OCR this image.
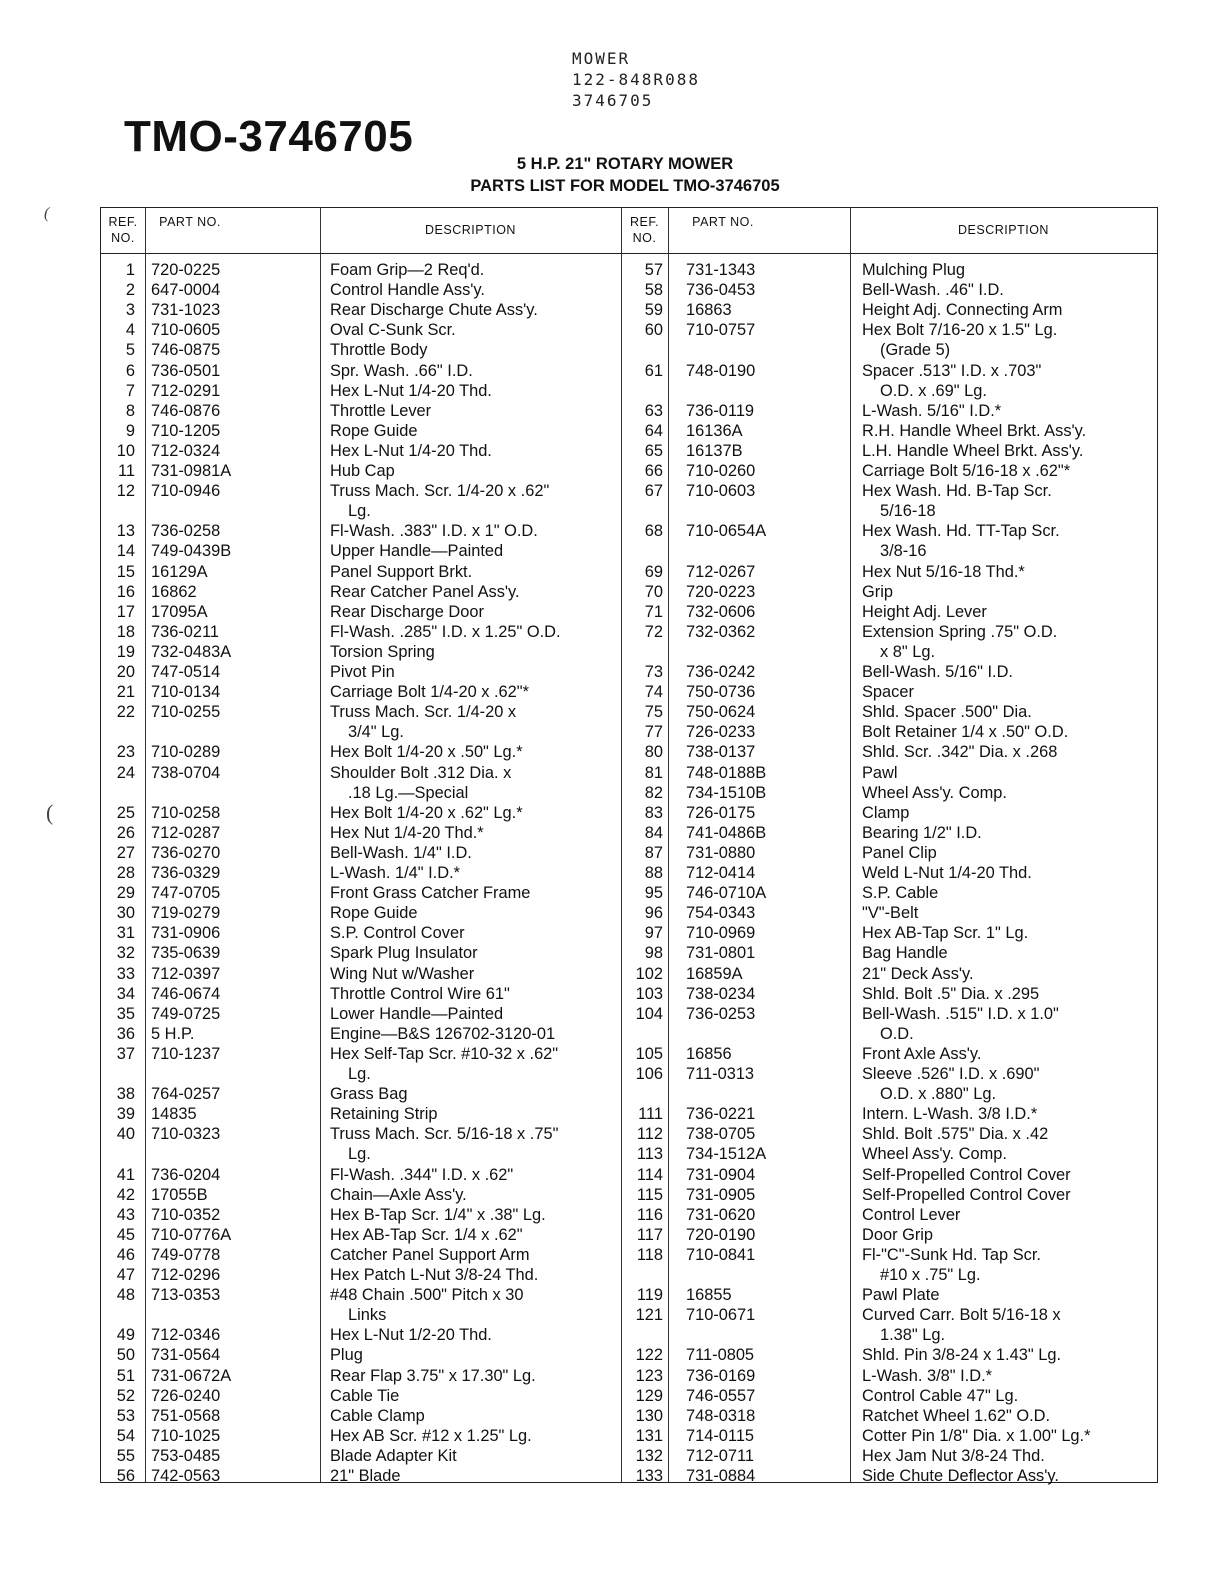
MOWER
122-848R088
3746705
TMO-3746705
5 H.P. 21" ROTARY MOWER
PARTS LIST FOR MODEL TMO-3746705
(
(
REF. NO.
PART NO.
DESCRIPTION
REF. NO.
PART NO.
DESCRIPTION
1 720-0225	Foam Grip—2 Req'd.
2 647-0004	Control Handle Ass'y.
3 731-1023	Rear Discharge Chute Ass'y.
4 710-0605	Oval C-Sunk Scr.
5 746-0875	Throttle Body
6 736-0501	Spr. Wash. .66" I.D.
7 712-0291	Hex L-Nut 1/4-20 Thd.
8 746-0876	Throttle Lever
9 710-1205	Rope Guide
10 712-0324	Hex L-Nut 1/4-20 Thd.
11 731-0981A	Hub Cap
12 710-0946	Truss Mach. Scr. 1/4-20 x .62"
Lg.
13 736-0258	Fl-Wash. .383" I.D. x 1" O.D.
14 749-0439B	Upper Handle—Painted
15 16129A	Panel Support Brkt.
16 16862	Rear Catcher Panel Ass'y.
17 17095A	Rear Discharge Door
18 736-0211	Fl-Wash. .285" I.D. x 1.25" O.D.
19 732-0483A	Torsion Spring
20 747-0514	Pivot Pin
21 710-0134	Carriage Bolt 1/4-20 x .62"*
22 710-0255	Truss Mach. Scr. 1/4-20 x
3/4" Lg.
23 710-0289	Hex Bolt 1/4-20 x .50" Lg.*
24 738-0704	Shoulder Bolt .312 Dia. x
.18 Lg.—Special
25 710-0258	Hex Bolt 1/4-20 x .62" Lg.*
26 712-0287	Hex Nut 1/4-20 Thd.*
27 736-0270	Bell-Wash. 1/4" I.D.
28 736-0329	L-Wash. 1/4" I.D.*
29 747-0705	Front Grass Catcher Frame
30 719-0279	Rope Guide
31 731-0906	S.P. Control Cover
32 735-0639	Spark Plug Insulator
33 712-0397	Wing Nut w/Washer
34 746-0674	Throttle Control Wire 61"
35 749-0725	Lower Handle—Painted
36 5 H.P.	Engine—B&S 126702-3120-01
37 710-1237	Hex Self-Tap Scr. #10-32 x .62"
Lg.
38 764-0257	Grass Bag
39 14835	Retaining Strip
40 710-0323	Truss Mach. Scr. 5/16-18 x .75"
Lg.
41 736-0204	Fl-Wash. .344" I.D. x .62"
42 17055B	Chain—Axle Ass'y.
43 710-0352	Hex B-Tap Scr. 1/4" x .38" Lg.
45 710-0776A	Hex AB-Tap Scr. 1/4 x .62"
46 749-0778	Catcher Panel Support Arm
47 712-0296	Hex Patch L-Nut 3/8-24 Thd.
48 713-0353	#48 Chain .500" Pitch x 30
Links
49 712-0346	Hex L-Nut 1/2-20 Thd.
50 731-0564	Plug
51 731-0672A	Rear Flap 3.75" x 17.30" Lg.
52 726-0240	Cable Tie
53 751-0568	Cable Clamp
54 710-1025	Hex AB Scr. #12 x 1.25" Lg.
55 753-0485	Blade Adapter Kit
56 742-0563	21" Blade
57 731-1343	Mulching Plug
58 736-0453	Bell-Wash. .46" I.D.
59 16863	Height Adj. Connecting Arm
60 710-0757	Hex Bolt 7/16-20 x 1.5" Lg.
(Grade 5)
61 748-0190	Spacer .513" I.D. x .703"
O.D. x .69" Lg.
63 736-0119	L-Wash. 5/16" I.D.*
64 16136A	R.H. Handle Wheel Brkt. Ass'y.
65 16137B	L.H. Handle Wheel Brkt. Ass'y.
66 710-0260	Carriage Bolt 5/16-18 x .62"*
67 710-0603	Hex Wash. Hd. B-Tap Scr.
5/16-18
68 710-0654A	Hex Wash. Hd. TT-Tap Scr.
3/8-16
69 712-0267	Hex Nut 5/16-18 Thd.*
70 720-0223	Grip
71 732-0606	Height Adj. Lever
72 732-0362	Extension Spring .75" O.D.
x 8" Lg.
73 736-0242	Bell-Wash. 5/16" I.D.
74 750-0736	Spacer
75 750-0624	Shld. Spacer .500" Dia.
77 726-0233	Bolt Retainer 1/4 x .50" O.D.
80 738-0137	Shld. Scr. .342" Dia. x .268
81 748-0188B	Pawl
82 734-1510B	Wheel Ass'y. Comp.
83 726-0175	Clamp
84 741-0486B	Bearing 1/2" I.D.
87 731-0880	Panel Clip
88 712-0414	Weld L-Nut 1/4-20 Thd.
95 746-0710A	S.P. Cable
96 754-0343	"V"-Belt
97 710-0969	Hex AB-Tap Scr. 1" Lg.
98 731-0801	Bag Handle
102 16859A	21" Deck Ass'y.
103 738-0234	Shld. Bolt .5" Dia. x .295
104 736-0253	Bell-Wash. .515" I.D. x 1.0"
O.D.
105 16856	Front Axle Ass'y.
106 711-0313	Sleeve .526" I.D. x .690"
O.D. x .880" Lg.
111 736-0221	Intern. L-Wash. 3/8 I.D.*
112 738-0705	Shld. Bolt .575" Dia. x .42
113 734-1512A	Wheel Ass'y. Comp.
114 731-0904	Self-Propelled Control Cover
115 731-0905	Self-Propelled Control Cover
116 731-0620	Control Lever
117 720-0190	Door Grip
118 710-0841	Fl-"C"-Sunk Hd. Tap Scr.
#10 x .75" Lg.
119 16855	Pawl Plate
121 710-0671	Curved Carr. Bolt 5/16-18 x
1.38" Lg.
122 711-0805	Shld. Pin 3/8-24 x 1.43" Lg.
123 736-0169	L-Wash. 3/8" I.D.*
129 746-0557	Control Cable 47" Lg.
130 748-0318	Ratchet Wheel 1.62" O.D.
131 714-0115	Cotter Pin 1/8" Dia. x 1.00" Lg.*
132 712-0711	Hex Jam Nut 3/8-24 Thd.
133 731-0884	Side Chute Deflector Ass'y.
